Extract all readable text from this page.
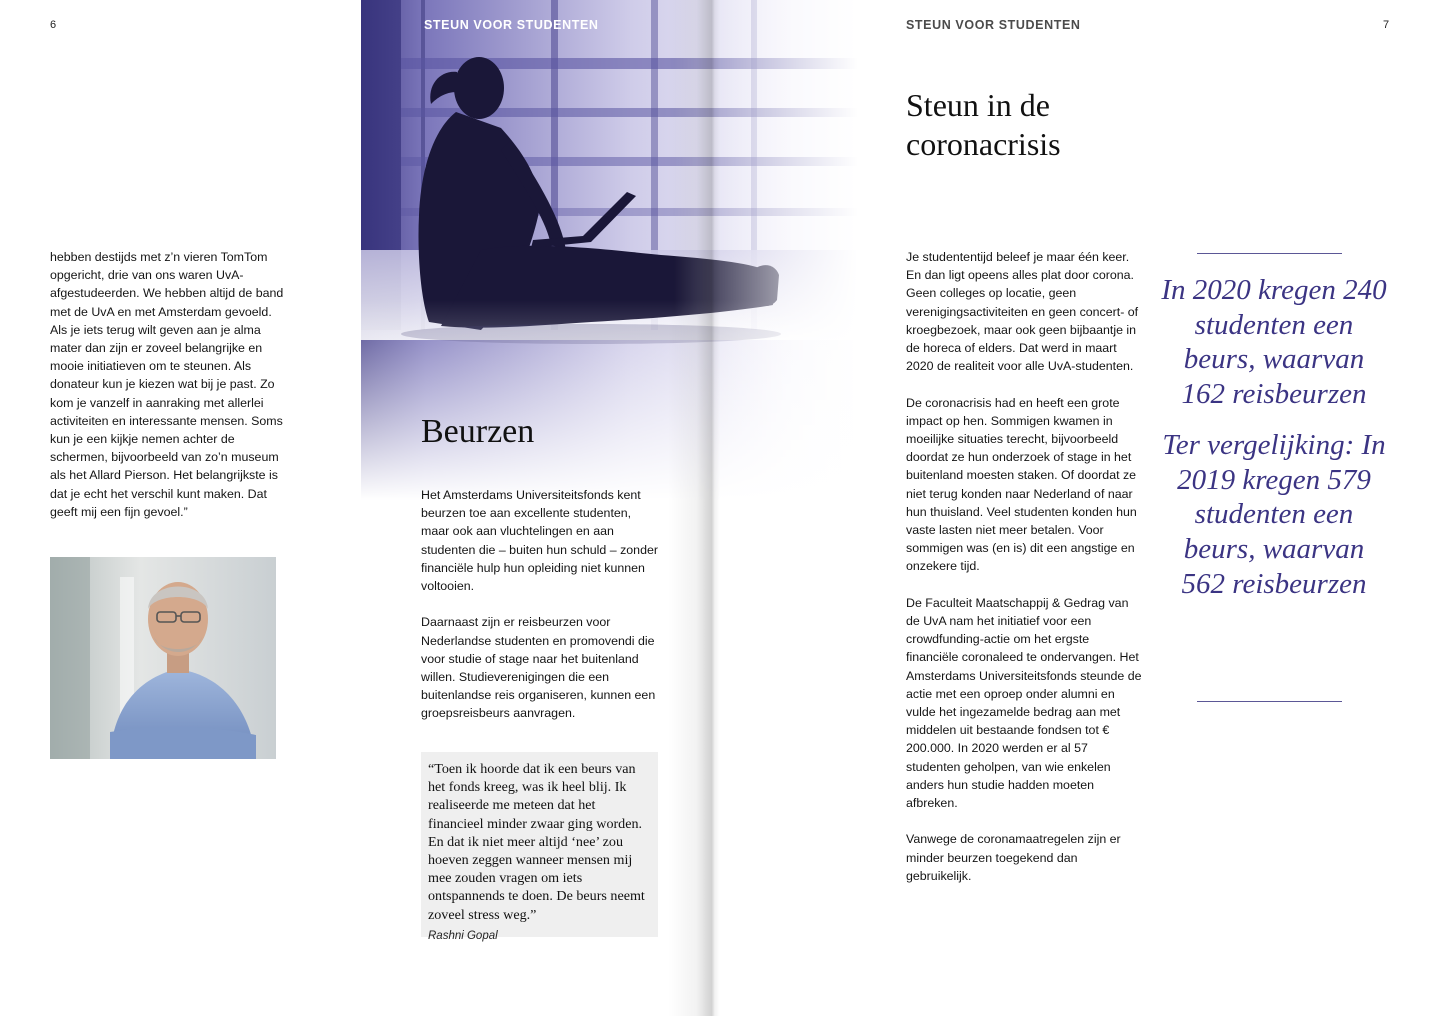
6	7
STEUN VOOR STUDENTEN	STEUN VOOR STUDENTEN

hebben destijds met z’n vieren TomTom opgericht, drie van ons waren UvA-afgestudeerden. We hebben altijd de band met de UvA en met Amsterdam gevoeld. Als je iets terug wilt geven aan je alma mater dan zijn er zoveel belangrijke en mooie initiatieven om te steunen. Als donateur kun je kiezen wat bij je past. Zo kom je vanzelf in aanraking met allerlei activiteiten en interessante mensen. Soms kun je een kijkje nemen achter de schermen, bijvoorbeeld van zo’n museum als het Allard Pierson. Het belangrijkste is dat je echt het verschil kunt maken. Dat geeft mij een fijn gevoel.”

Beurzen

Het Amsterdams Universiteitsfonds kent beurzen toe aan excellente studenten, maar ook aan vluchtelingen en aan studenten die – buiten hun schuld – zonder financiële hulp hun opleiding niet kunnen voltooien.

Daarnaast zijn er reisbeurzen voor Nederlandse studenten en promovendi die voor studie of stage naar het buitenland willen. Studieverenigingen die een buitenlandse reis organiseren, kunnen een groepsreisbeurs aanvragen.

“Toen ik hoorde dat ik een beurs van het fonds kreeg, was ik heel blij. Ik realiseerde me meteen dat het financieel minder zwaar ging worden. En dat ik niet meer altijd ‘nee’ zou hoeven zeggen wanneer mensen mij mee zouden vragen om iets ontspannends te doen. De beurs neemt zoveel stress weg.”
Rashni Gopal
Steun in de coronacrisis

Je studententijd beleef je maar één keer. En dan ligt opeens alles plat door corona. Geen colleges op locatie, geen verenigingsactiviteiten en geen concert- of kroegbezoek, maar ook geen bijbaantje in de horeca of elders. Dat werd in maart 2020 de realiteit voor alle UvA-studenten.

De coronacrisis had en heeft een grote impact op hen. Sommigen kwamen in moeilijke situaties terecht, bijvoorbeeld doordat ze hun onderzoek of stage in het buitenland moesten staken. Of doordat ze niet terug konden naar Nederland of naar hun thuisland. Veel studenten konden hun vaste lasten niet meer betalen. Voor sommigen was (en is) dit een angstige en onzekere tijd.

De Faculteit Maatschappij & Gedrag van de UvA nam het initiatief voor een crowdfunding-actie om het ergste financiële coronaleed te ondervangen. Het Amsterdams Universiteitsfonds steunde de actie met een oproep onder alumni en vulde het ingezamelde bedrag aan met middelen uit bestaande fondsen tot € 200.000. In 2020 werden er al 57 studenten geholpen, van wie enkelen anders hun studie hadden moeten afbreken.

Vanwege de coronamaatregelen zijn er minder beurzen toegekend dan gebruikelijk.

In 2020 kregen 240 studenten een beurs, waarvan 162 reisbeurzen
Ter vergelijking: In 2019 kregen 579 studenten een beurs, waarvan 562 reisbeurzen
